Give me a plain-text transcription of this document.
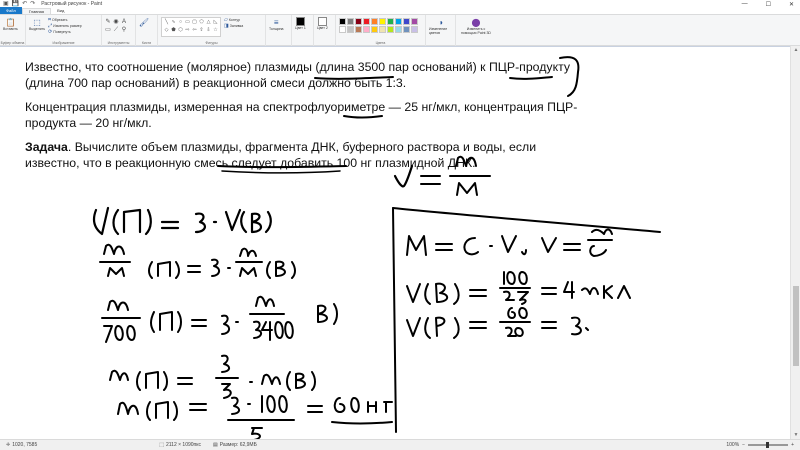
▣ 💾 ↶ ↷ Растровый рисунок - Paint	—	☐	✕
Файл	Главная	Вид
📋
Вставить
Буфер обмена
⬚
Выделить
⌗ Обрезать
⤢ Изменить размер
⟳ Повернуть
Изображение
✎ ◉ A
▭ ⟋ ⚲
Инструменты
🖌
Кисти
╲ ∿ ○ ▭ ▢ ⬠ △ ◺
◇ ⬟ ⬡ ⇨ ⇦ ⇧ ⇩ ☆
▱ Контур
◨ Заливка
Фигуры
≡
Толщина	Цвет 1	Цвет 2
Цвета
◑
Изменение цветов
⬤
Изменить с помощью Paint 3D
Известно, что соотношение (молярное) плазмиды (длина 3500 пар оснований) к ПЦР-продукту (длина 700 пар оснований) в реакционной смеси должно быть 1:3.
Концентрация плазмиды, измеренная на спектрофлуориметре — 25 нг/мкл, концентрация ПЦР-продукта — 20 нг/мкл.
Задача. Вычислите объем плазмиды, фрагмента ДНК, буферного раствора и воды, если известно, что в реакционную смесь следует добавить 100 нг плазмидной ДНК.
▲
▼
✛ 1020, 7585	⬚ 2112 × 1090пкс ▤ Размер: 62,9МБ	100% −	+
